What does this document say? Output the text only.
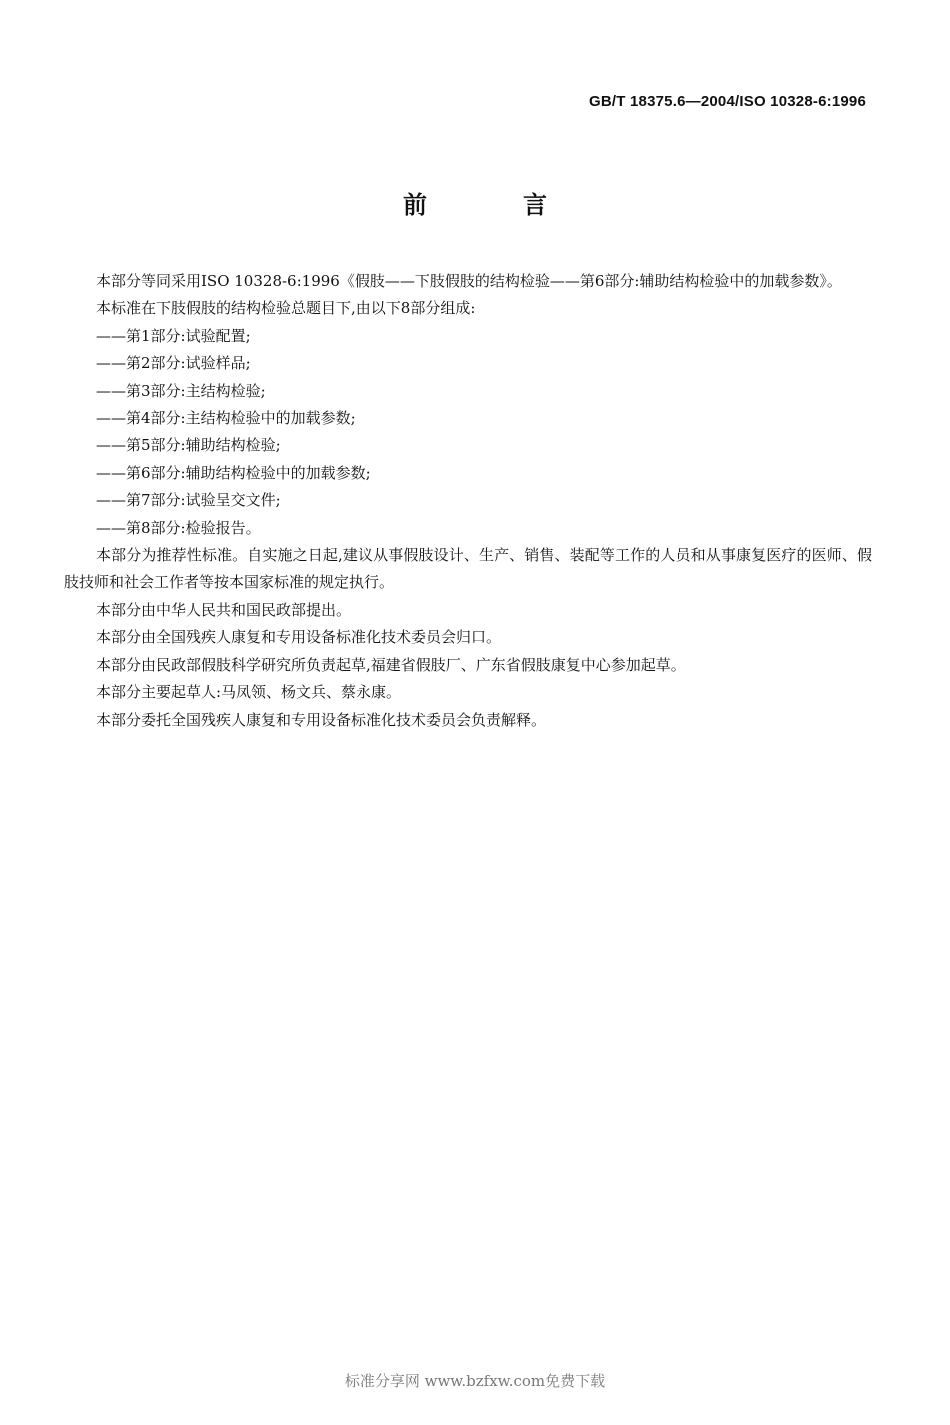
GB/T 18375.6—2004/ISO 10328-6:1996
前　言

本部分等同采用ISO 10328-6:1996《假肢——下肢假肢的结构检验——第6部分:辅助结构检验中的加载参数》。

本标准在下肢假肢的结构检验总题目下,由以下8部分组成:

——第1部分:试验配置;

——第2部分:试验样品;

——第3部分:主结构检验;

——第4部分:主结构检验中的加载参数;

——第5部分:辅助结构检验;

——第6部分:辅助结构检验中的加载参数;

——第7部分:试验呈交文件;

——第8部分:检验报告。

本部分为推荐性标准。自实施之日起,建议从事假肢设计、生产、销售、装配等工作的人员和从事康复医疗的医师、假肢技师和社会工作者等按本国家标准的规定执行。

本部分由中华人民共和国民政部提出。

本部分由全国残疾人康复和专用设备标准化技术委员会归口。

本部分由民政部假肢科学研究所负责起草,福建省假肢厂、广东省假肢康复中心参加起草。

本部分主要起草人:马凤领、杨文兵、蔡永康。

本部分委托全国残疾人康复和专用设备标准化技术委员会负责解释。

标准分享网 www.bzfxw.com免费下载
